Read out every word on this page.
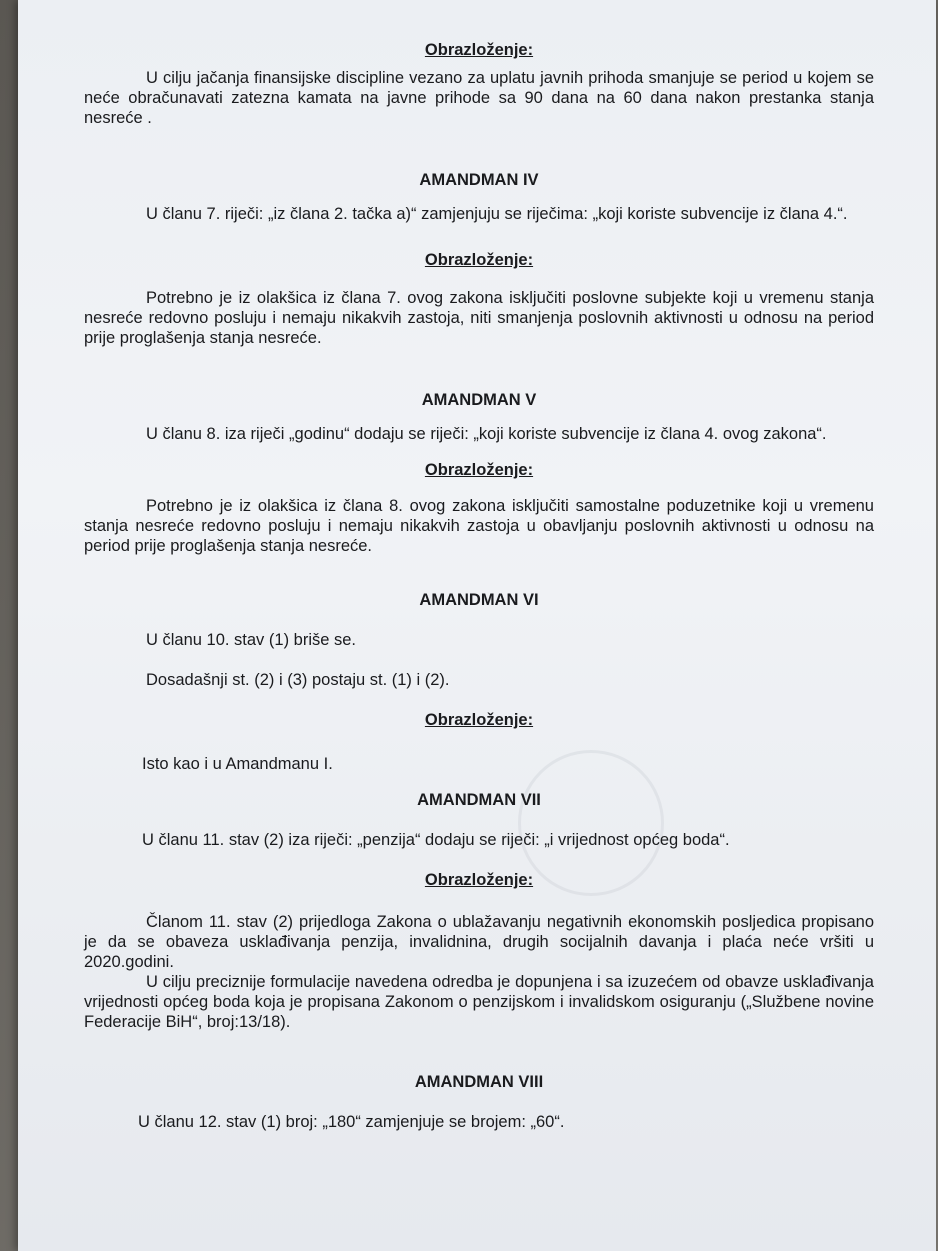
Obrazloženje:

U cilju jačanja finansijske discipline vezano za uplatu javnih prihoda smanjuje se period u kojem se neće obračunavati zatezna kamata na javne prihode sa 90 dana na 60 dana nakon prestanka stanja nesreće .

AMANDMAN IV

U članu 7. riječi: „iz člana 2. tačka a)“ zamjenjuju se riječima: „koji koriste subvencije iz člana 4.“.

Obrazloženje:

Potrebno je iz olakšica iz člana 7. ovog zakona isključiti poslovne subjekte koji u vremenu stanja nesreće redovno posluju i nemaju nikakvih zastoja, niti smanjenja poslovnih aktivnosti u odnosu na period prije proglašenja stanja nesreće.

AMANDMAN V

U članu 8. iza riječi „godinu“ dodaju se riječi: „koji koriste subvencije iz člana 4. ovog zakona“.

Obrazloženje:

Potrebno je iz olakšica iz člana 8. ovog zakona isključiti samostalne poduzetnike koji u vremenu stanja nesreće redovno posluju i nemaju nikakvih zastoja u obavljanju poslovnih aktivnosti u odnosu na period prije proglašenja stanja nesreće.

AMANDMAN VI

U članu 10. stav (1) briše se.

Dosadašnji st. (2) i (3) postaju st. (1) i (2).

Obrazloženje:

Isto kao i u Amandmanu I.

AMANDMAN VII

U članu 11. stav (2) iza riječi: „penzija“ dodaju se riječi: „i vrijednost općeg boda“.

Obrazloženje:

Članom 11. stav (2) prijedloga Zakona o ublažavanju negativnih ekonomskih posljedica propisano je da se obaveza usklađivanja penzija, invalidnina, drugih socijalnih davanja i plaća neće vršiti u 2020.godini.

U cilju preciznije formulacije navedena odredba je dopunjena i sa izuzećem od obavze usklađivanja vrijednosti općeg boda koja je propisana Zakonom o penzijskom i invalidskom osiguranju („Službene novine Federacije BiH“, broj:13/18).

AMANDMAN VIII

U članu 12. stav (1) broj: „180“ zamjenjuje se brojem: „60“.
